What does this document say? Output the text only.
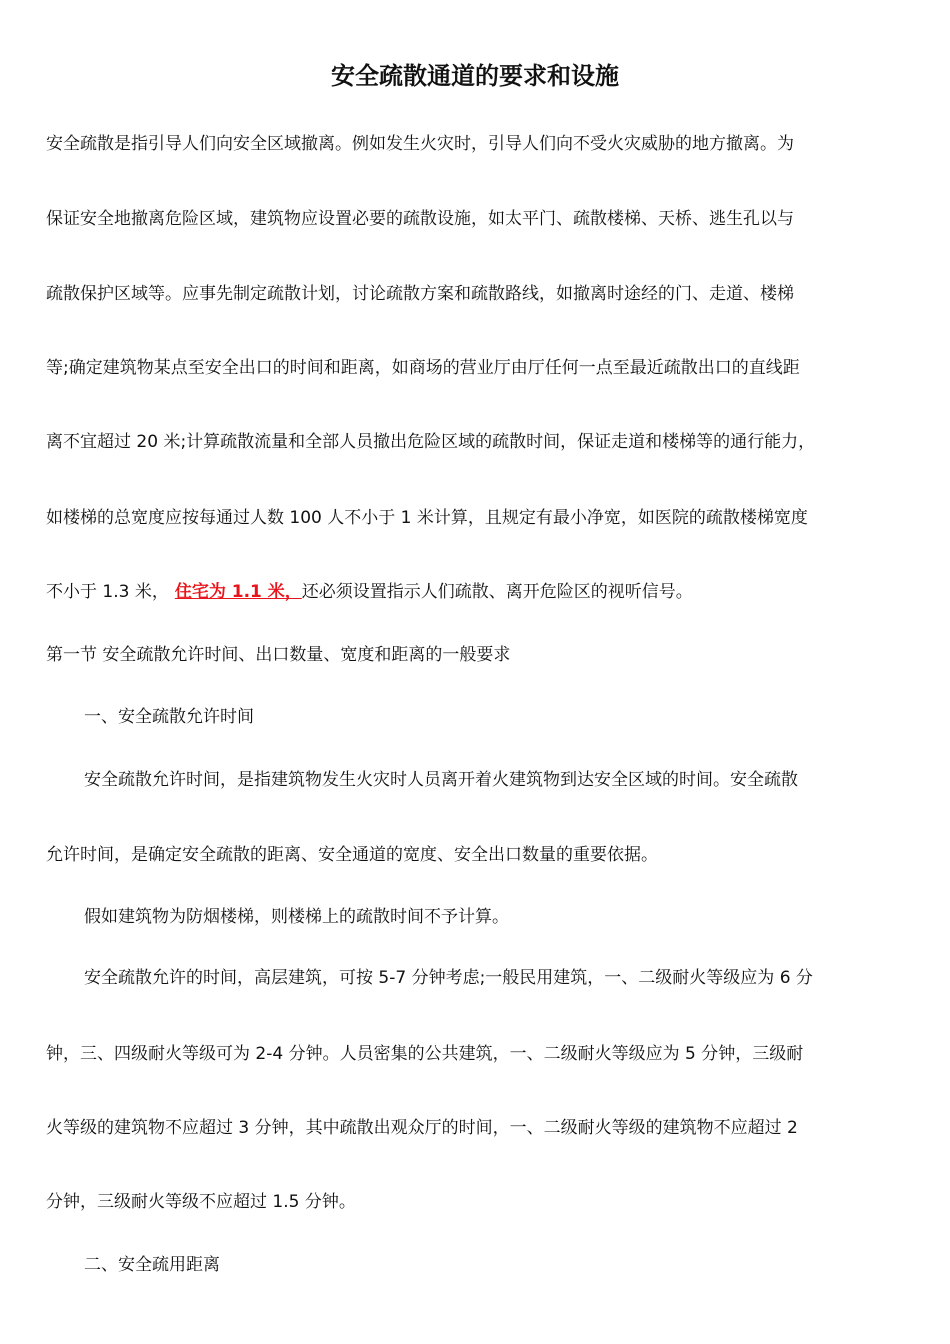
安全疏散通道的要求和设施
安全疏散是指引导人们向安全区域撤离。例如发生火灾时，引导人们向不受火灾威胁的地方撤离。为
保证安全地撤离危险区域，建筑物应设置必要的疏散设施，如太平门、疏散楼梯、天桥、逃生孔以与
疏散保护区域等。应事先制定疏散计划，讨论疏散方案和疏散路线，如撤离时途经的门、走道、楼梯
等;确定建筑物某点至安全出口的时间和距离，如商场的营业厅由厅任何一点至最近疏散出口的直线距
离不宜超过 20 米;计算疏散流量和全部人员撤出危险区域的疏散时间，保证走道和楼梯等的通行能力，
如楼梯的总宽度应按每通过人数 100 人不小于 1 米计算，且规定有最小净宽，如医院的疏散楼梯宽度
不小于 1.3 米， 住宅为 1.1 米，还必须设置指示人们疏散、离开危险区的视听信号。
第一节 安全疏散允许时间、出口数量、宽度和距离的一般要求
一、安全疏散允许时间
安全疏散允许时间，是指建筑物发生火灾时人员离开着火建筑物到达安全区域的时间。安全疏散
允许时间，是确定安全疏散的距离、安全通道的宽度、安全出口数量的重要依据。
假如建筑物为防烟楼梯，则楼梯上的疏散时间不予计算。
安全疏散允许的时间，高层建筑，可按 5-7 分钟考虑;一般民用建筑，一、二级耐火等级应为 6 分
钟，三、四级耐火等级可为 2-4 分钟。人员密集的公共建筑，一、二级耐火等级应为 5 分钟，三级耐
火等级的建筑物不应超过 3 分钟，其中疏散出观众厅的时间，一、二级耐火等级的建筑物不应超过 2
分钟，三级耐火等级不应超过 1.5 分钟。
二、安全疏用距离
